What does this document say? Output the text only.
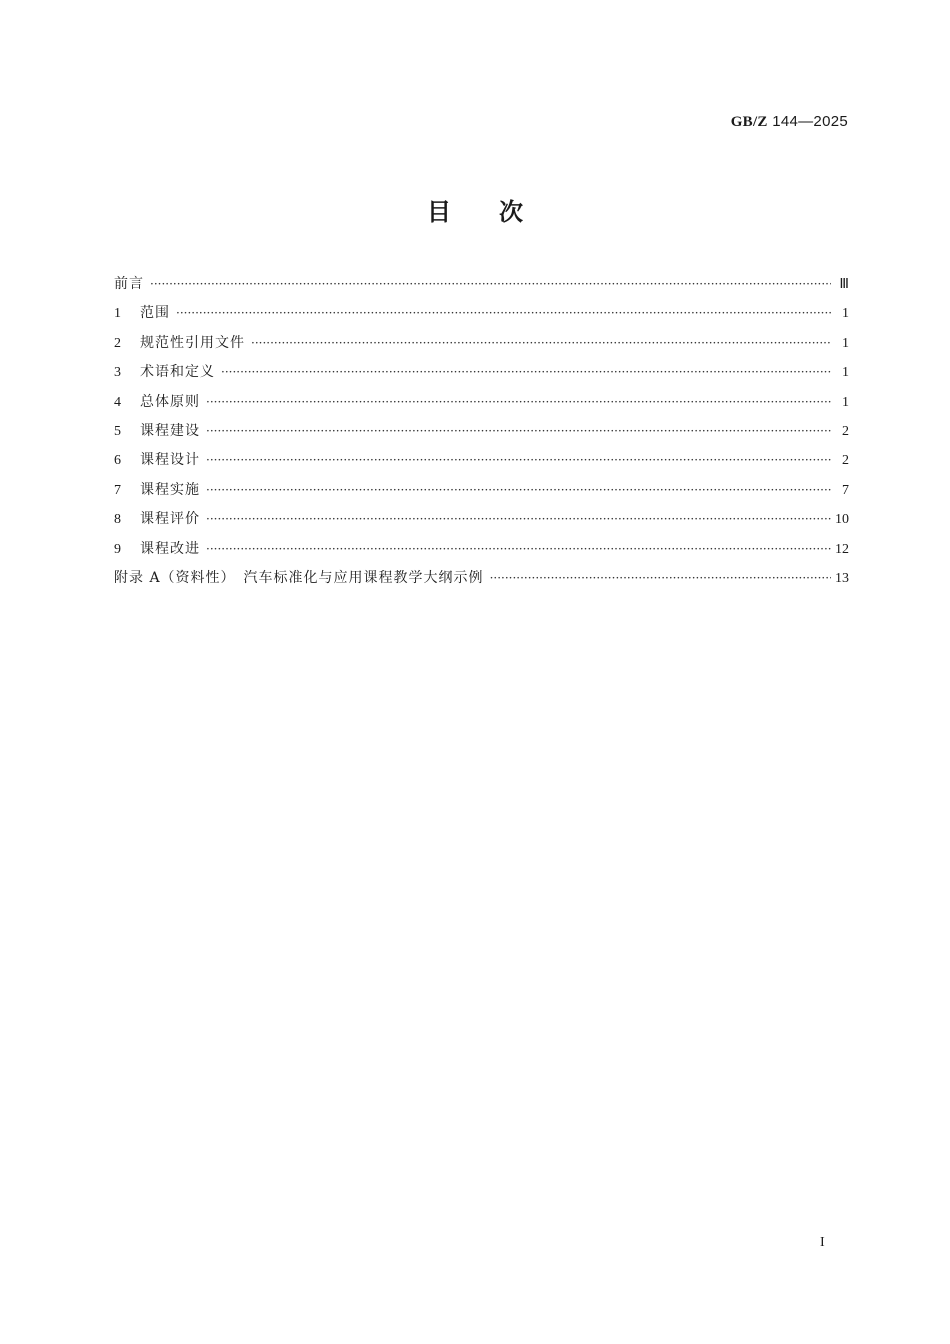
GB/Z 144—2025
目次
前言 ·····	Ⅲ
1	范围 ·····	1
2	规范性引用文件 ·····	1
3	术语和定义 ·····	1
4	总体原则 ·····	1
5	课程建设 ·····	2
6	课程设计 ·····	2
7	课程实施 ·····	7
8	课程评价 ·····	10
9	课程改进 ·····	12
附录 A（资料性）　汽车标准化与应用课程教学大纲示例 ·····	13
I
